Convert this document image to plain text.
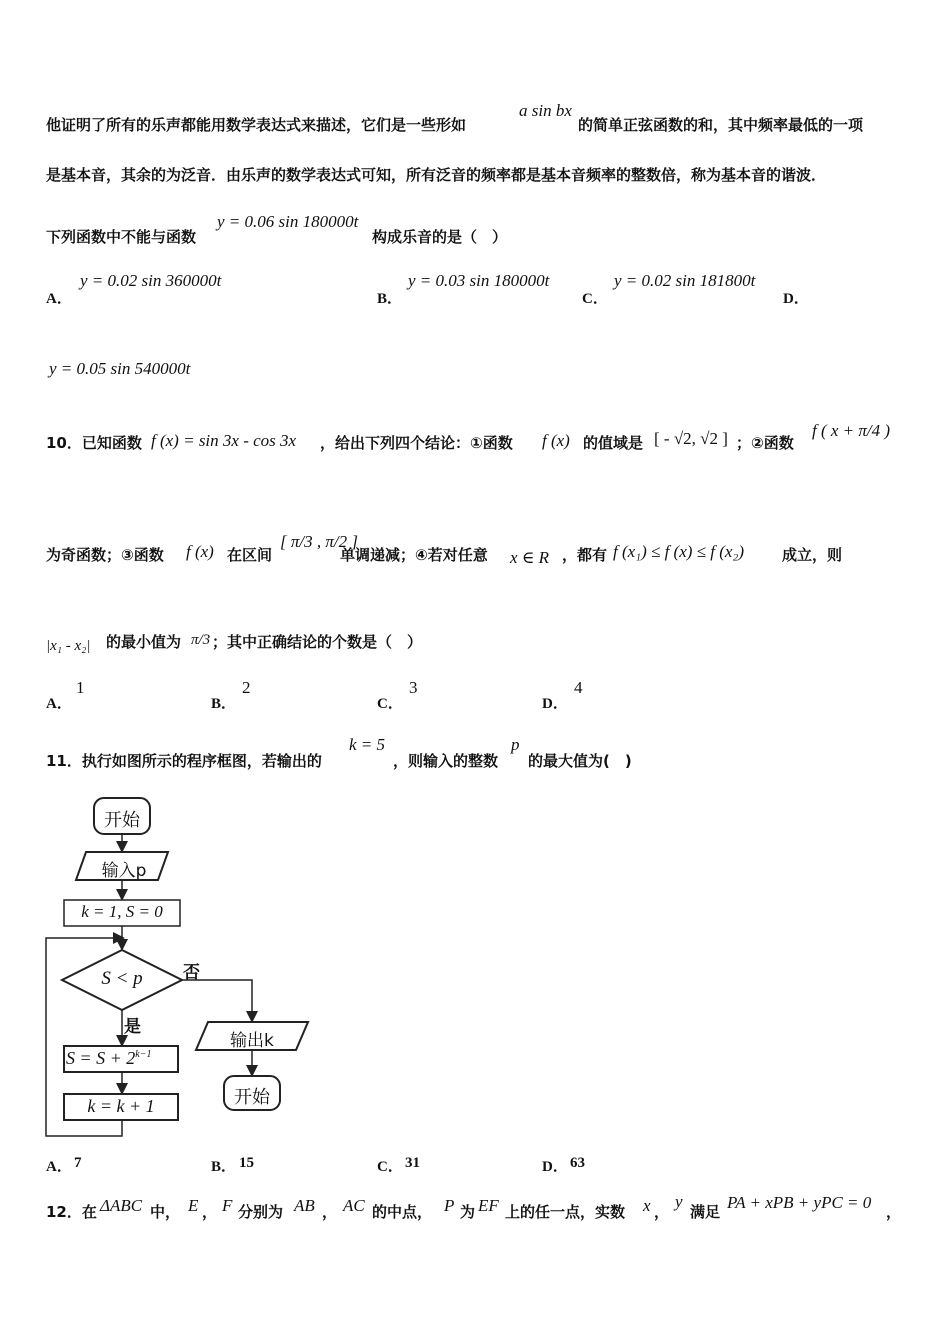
他证明了所有的乐声都能用数学表达式来描述，它们是一些形如
a sin bx
的简单正弦函数的和，其中频率最低的一项
是基本音，其余的为泛音．由乐声的数学表达式可知，所有泛音的频率都是基本音频率的整数倍，称为基本音的谐波．
下列函数中不能与函数
y = 0.06 sin 180000t
构成乐音的是（　）
A．
y = 0.02 sin 360000t
B．
y = 0.03 sin 180000t
C．
y = 0.02 sin 181800t
D．
y = 0.05 sin 540000t
10．已知函数 f (x) = sin 3x - cos 3x ，给出下列四个结论：①函数 f (x) 的值域是 [ - √2, √2 ] ；②函数
f ( x + π/4 )
为奇函数；③函数 f (x) 在区间
[ π/3 , π/2 ]
单调递减；④若对任意 x ∈ R ，都有 f (x₁) ≤ f (x) ≤ f (x₂)	成立，则
|x₁ - x₂| 的最小值为 π/3 ；其中正确结论的个数是（　）
A．
1
B．
2
C．
3
D．
4
11．执行如图所示的程序框图，若输出的
k = 5
，则输入的整数
p
的最大值为(　)
开始
输入p
k = 1, S = 0
S < p	否
是
$S = S + 2^{k-1}$
k = k + 1
输出k
开始
A． 7	B． 15	C． 31	D． 63
12．在 ΔABC 中， E ， F 分别为 AB ， AC 的中点， P 为 EF 上的任一点，实数 x ，
y
满足 PA + xPB + yPC = 0 ，
